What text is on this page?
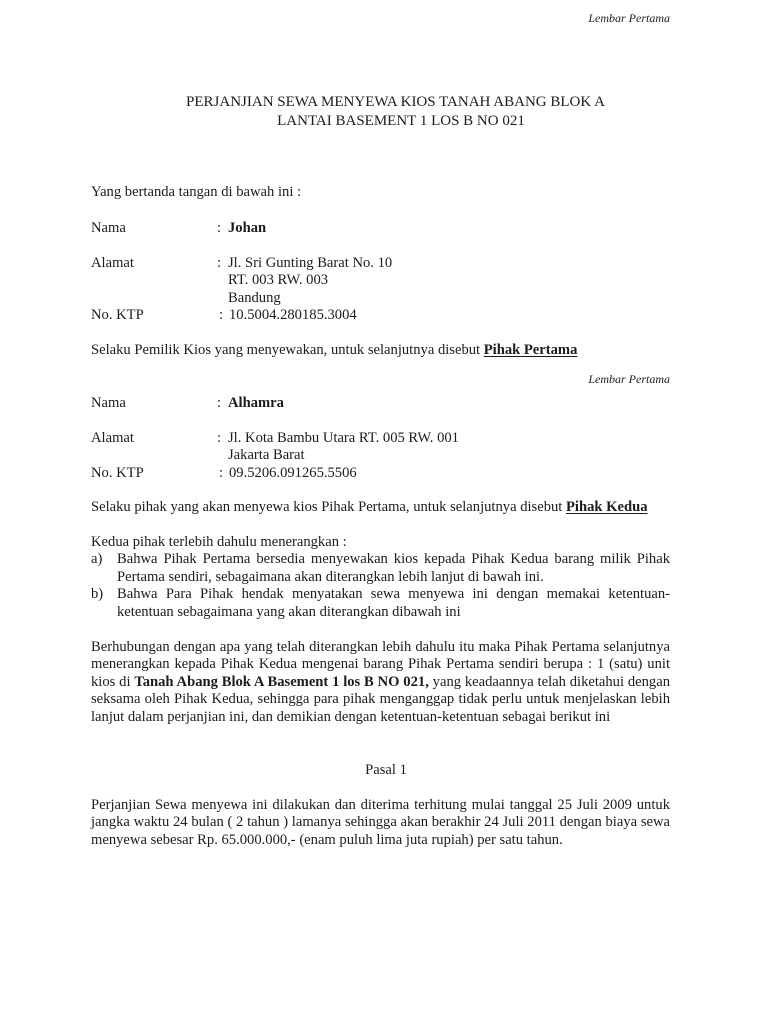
Lembar Pertama
PERJANJIAN SEWA MENYEWA KIOS TANAH ABANG BLOK A
LANTAI BASEMENT 1 LOS B NO 021
Yang bertanda tangan di bawah ini :
Nama	: Johan
Alamat	: Jl. Sri Gunting Barat No. 10
RT. 003 RW. 003
Bandung
No. KTP	: 10.5004.280185.3004
Selaku Pemilik Kios yang menyewakan, untuk selanjutnya disebut Pihak Pertama
Lembar Pertama
Nama	: Alhamra
Alamat	: Jl. Kota Bambu Utara RT. 005 RW. 001
Jakarta Barat
No. KTP	: 09.5206.091265.5506
Selaku pihak yang akan menyewa kios Pihak Pertama, untuk selanjutnya disebut Pihak Kedua
Kedua pihak terlebih dahulu menerangkan :
a) Bahwa Pihak Pertama bersedia menyewakan kios kepada Pihak Kedua barang milik Pihak
Pertama sendiri, sebagaimana akan diterangkan lebih lanjut di bawah ini.
b) Bahwa Para Pihak hendak menyatakan sewa menyewa ini dengan memakai ketentuan-
ketentuan sebagaimana yang akan diterangkan dibawah ini
Berhubungan dengan apa yang telah diterangkan lebih dahulu itu maka Pihak Pertama selanjutnya
menerangkan kepada Pihak Kedua mengenai barang Pihak Pertama sendiri berupa : 1 (satu) unit
kios di Tanah Abang Blok A Basement 1 los B NO 021, yang keadaannya telah diketahui dengan
seksama oleh Pihak Kedua, sehingga para pihak menganggap tidak perlu untuk menjelaskan lebih
lanjut dalam perjanjian ini, dan demikian dengan ketentuan-ketentuan sebagai berikut ini
Pasal 1
Perjanjian Sewa menyewa ini dilakukan dan diterima terhitung mulai tanggal 25 Juli 2009 untuk
jangka waktu 24 bulan ( 2 tahun ) lamanya sehingga akan berakhir 24 Juli 2011 dengan biaya sewa
menyewa sebesar Rp. 65.000.000,- (enam puluh lima juta rupiah) per satu tahun.
